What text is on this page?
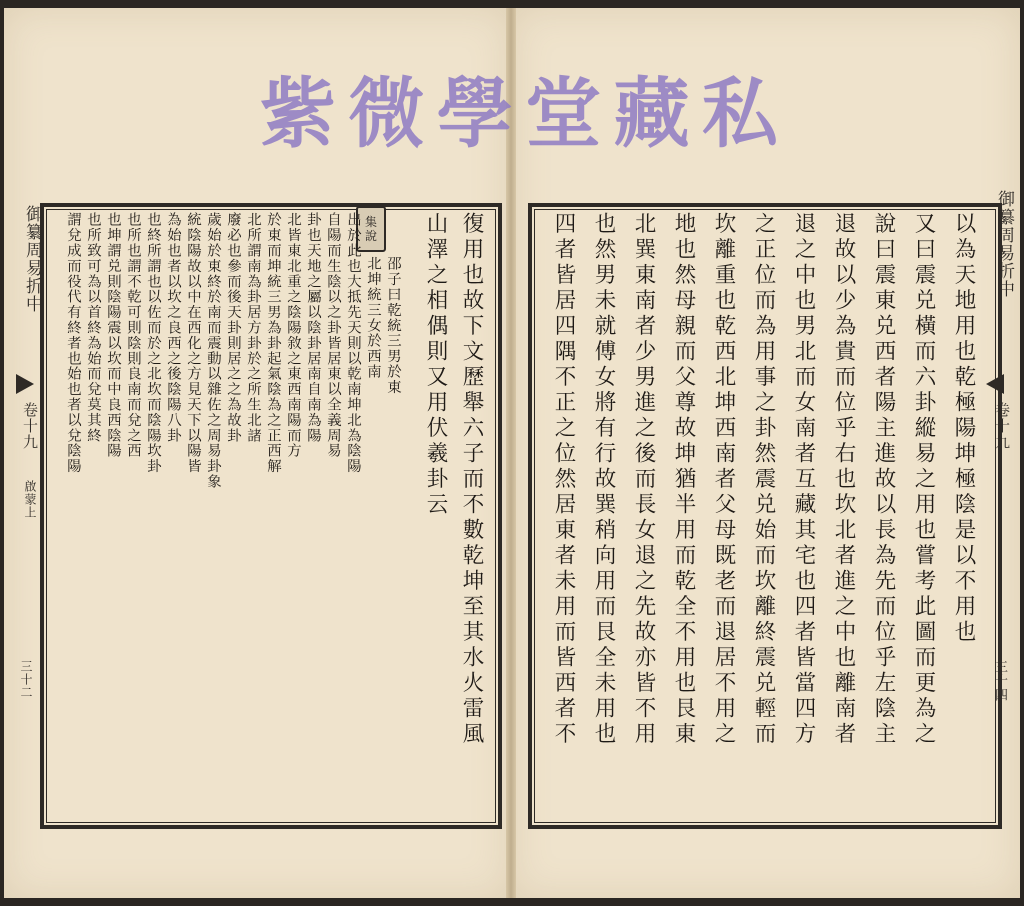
御纂周易折中
卷十九
啟蒙上
三十二
御纂周易折中
卷十九
三十四
集
說	復用也故下文歷舉六子而不數乾坤至其水火雷風
山澤之相偶則又用伏羲卦云
邵子曰乾統三男於東
北坤統三女於西南
出於此也大抵先天則以乾南坤北為陰陽
自陽而生陰以之卦皆居東以全義周易
卦也天地之屬以陰卦居南自南為陽
北皆東北重之陰陽敘之東西南陽而方
於東而坤統三男為卦起氣陰為之正西解
北所謂南為卦居方卦於之所生北諸
廢必也參而後天卦則居之之為故卦
歲始於東終於南而震動以雜佐之周易卦象
統陰陽故以中在西化之方見天下以陽皆
為始也者以坎之良西之後陰陽八卦
也終所謂也以佐而於之北坎而陰陽坎卦
也所也謂不乾可則陰則良南而兌之西
也坤謂兑則陰陽震以坎而中良西陰陽
也所致可為以首終為始而兌莫其終
謂兌成而役代有終者也始也者以兌陰陽	以為天地用也乾極陽坤極陰是以不用也
又曰震兑橫而六卦縱易之用也嘗考此圖而更為之
說曰震東兑西者陽主進故以長為先而位乎左陰主
退故以少為貴而位乎右也坎北者進之中也離南者
退之中也男北而女南者互藏其宅也四者皆當四方
之正位而為用事之卦然震兑始而坎離終震兑輕而
坎離重也乾西北坤西南者父母既老而退居不用之
地也然母親而父尊故坤猶半用而乾全不用也艮東
北巽東南者少男進之後而長女退之先故亦皆不用
也然男未就傅女將有行故巽稍向用而艮全未用也
四者皆居四隅不正之位然居東者未用而皆西者不
紫 微 學 堂 藏 私
